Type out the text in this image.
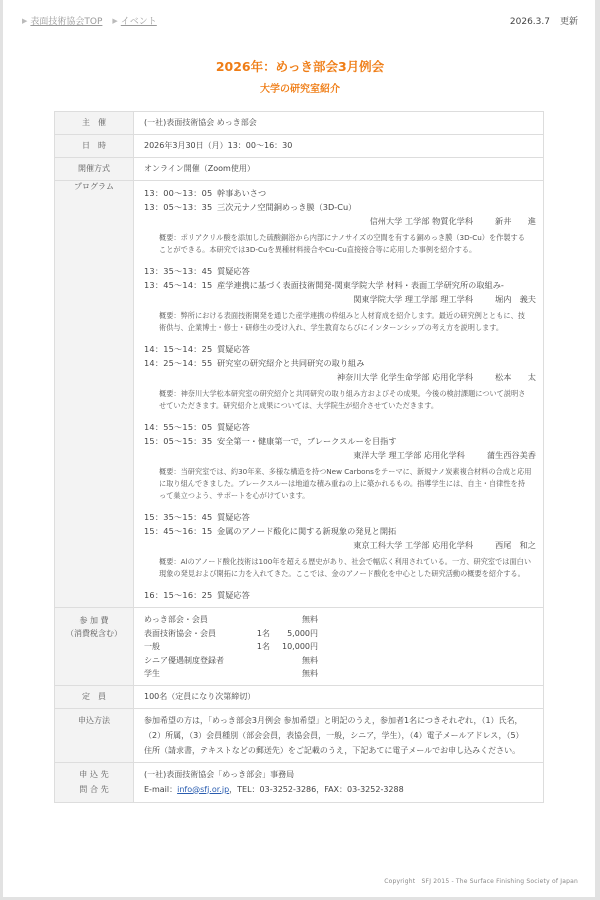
▶ 表面技術協会TOP ▶ イベント	2026.3.7 更新
2026年：めっき部会3月例会
大学の研究室紹介
主　催	(一社)表面技術協会 めっき部会
日　時	2026年3月30日（月）13：00～16：30
開催方式	オンライン開催（Zoom使用）
プログラム	
13：00～13：05 幹事あいさつ
13：05～13：35 三次元ナノ空間銅めっき膜（3D-Cu）
信州大学 工学部 物質化学科	新井　　進
概要：ポリアクリル酸を添加した硫酸銅浴から内部にナノサイズの空間を有する銅めっき膜（3D-Cu）を作製することができる。本研究では3D-Cuを異種材料接合やCu-Cu直接接合等に応用した事例を紹介する。
13：35～13：45 質疑応答
13：45～14：15 産学連携に基づく表面技術開発-関東学院大学 材料・表面工学研究所の取組み-
関東学院大学 理工学部 理工学科	堀内　義夫
概要：弊所における表面技術開発を通じた産学連携の枠組みと人材育成を紹介します。最近の研究例とともに、技術供与、企業博士・修士・研修生の受け入れ、学生教育ならびにインターンシップの考え方を説明します。
14：15～14：25 質疑応答
14：25～14：55 研究室の研究紹介と共同研究の取り組み
神奈川大学 化学生命学部 応用化学科	松本　　太
概要：神奈川大学松本研究室の研究紹介と共同研究の取り組み方およびその成果。今後の検討課題について説明させていただきます。研究紹介と成果については、大学院生が紹介させていただきます。
14：55～15：05 質疑応答
15：05～15：35 安全第一・健康第一で，ブレークスルーを目指す
東洋大学 理工学部 応用化学科	蒲生西谷美香
概要：当研究室では、約30年来、多様な構造を持つNew Carbonsをテーマに、新規ナノ炭素複合材料の合成と応用に取り組んできました。ブレークスルーは地道な積み重ねの上に築かれるもの。指導学生には、自主・自律性を持って巣立つよう、サポートを心がけています。
15：35～15：45 質疑応答
15：45～16：15 金属のアノード酸化に関する新現象の発見と開拓
東京工科大学 工学部 応用化学科	西尾　和之
概要：Alのアノード酸化技術は100年を超える歴史があり、社会で幅広く利用されている。一方、研究室では面白い現象の発見および開拓に力を入れてきた。ここでは、金のアノード酸化を中心とした研究活動の概要を紹介する。
16：15～16：25 質疑応答

参 加 費
（消費税含む）

めっき部会・会員	無料
表面技術協会・会員	1名	5,000円
一般	1名	10,000円
シニア優遇制度登録者	無料
学生	無料

定　員	100名（定員になり次第締切）
申込方法	参加希望の方は，「めっき部会3月例会 参加希望」と明記のうえ，参加者1名につきそれぞれ，（1）氏名，（2）所属，（3）会員種別（部会会員，表協会員，一般，シニア，学生），（4）電子メールアドレス，（5）住所（請求書，テキストなどの郵送先）をご記載のうえ，下記あてに電子メールでお申し込みください。

申込先
問合先

(一社)表面技術協会「めっき部会」事務局
E-mail：info@sfj.or.jp，TEL：03-3252-3286，FAX：03-3252-3288
Copyright　SFJ 2015 - The Surface Finishing Society of Japan
